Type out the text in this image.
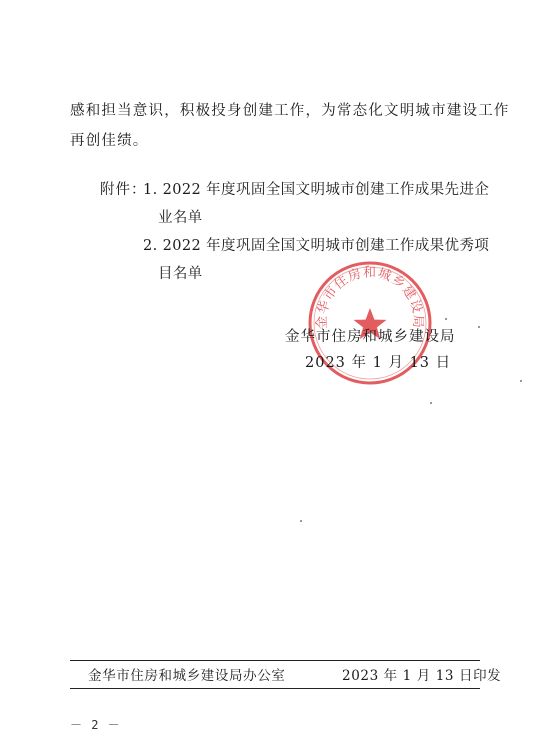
感和担当意识，积极投身创建工作，为常态化文明城市建设工作
再创佳绩。
附件：
1. 2022 年度巩固全国文明城市创建工作成果先进企
业名单
2. 2022 年度巩固全国文明城市创建工作成果优秀项
目名单
金华市住房和城乡建设局
金华市住房和城乡建设局
2023 年 1 月 13 日
金华市住房和城乡建设局办公室	2023 年 1 月 13 日印发
－ 2 －
